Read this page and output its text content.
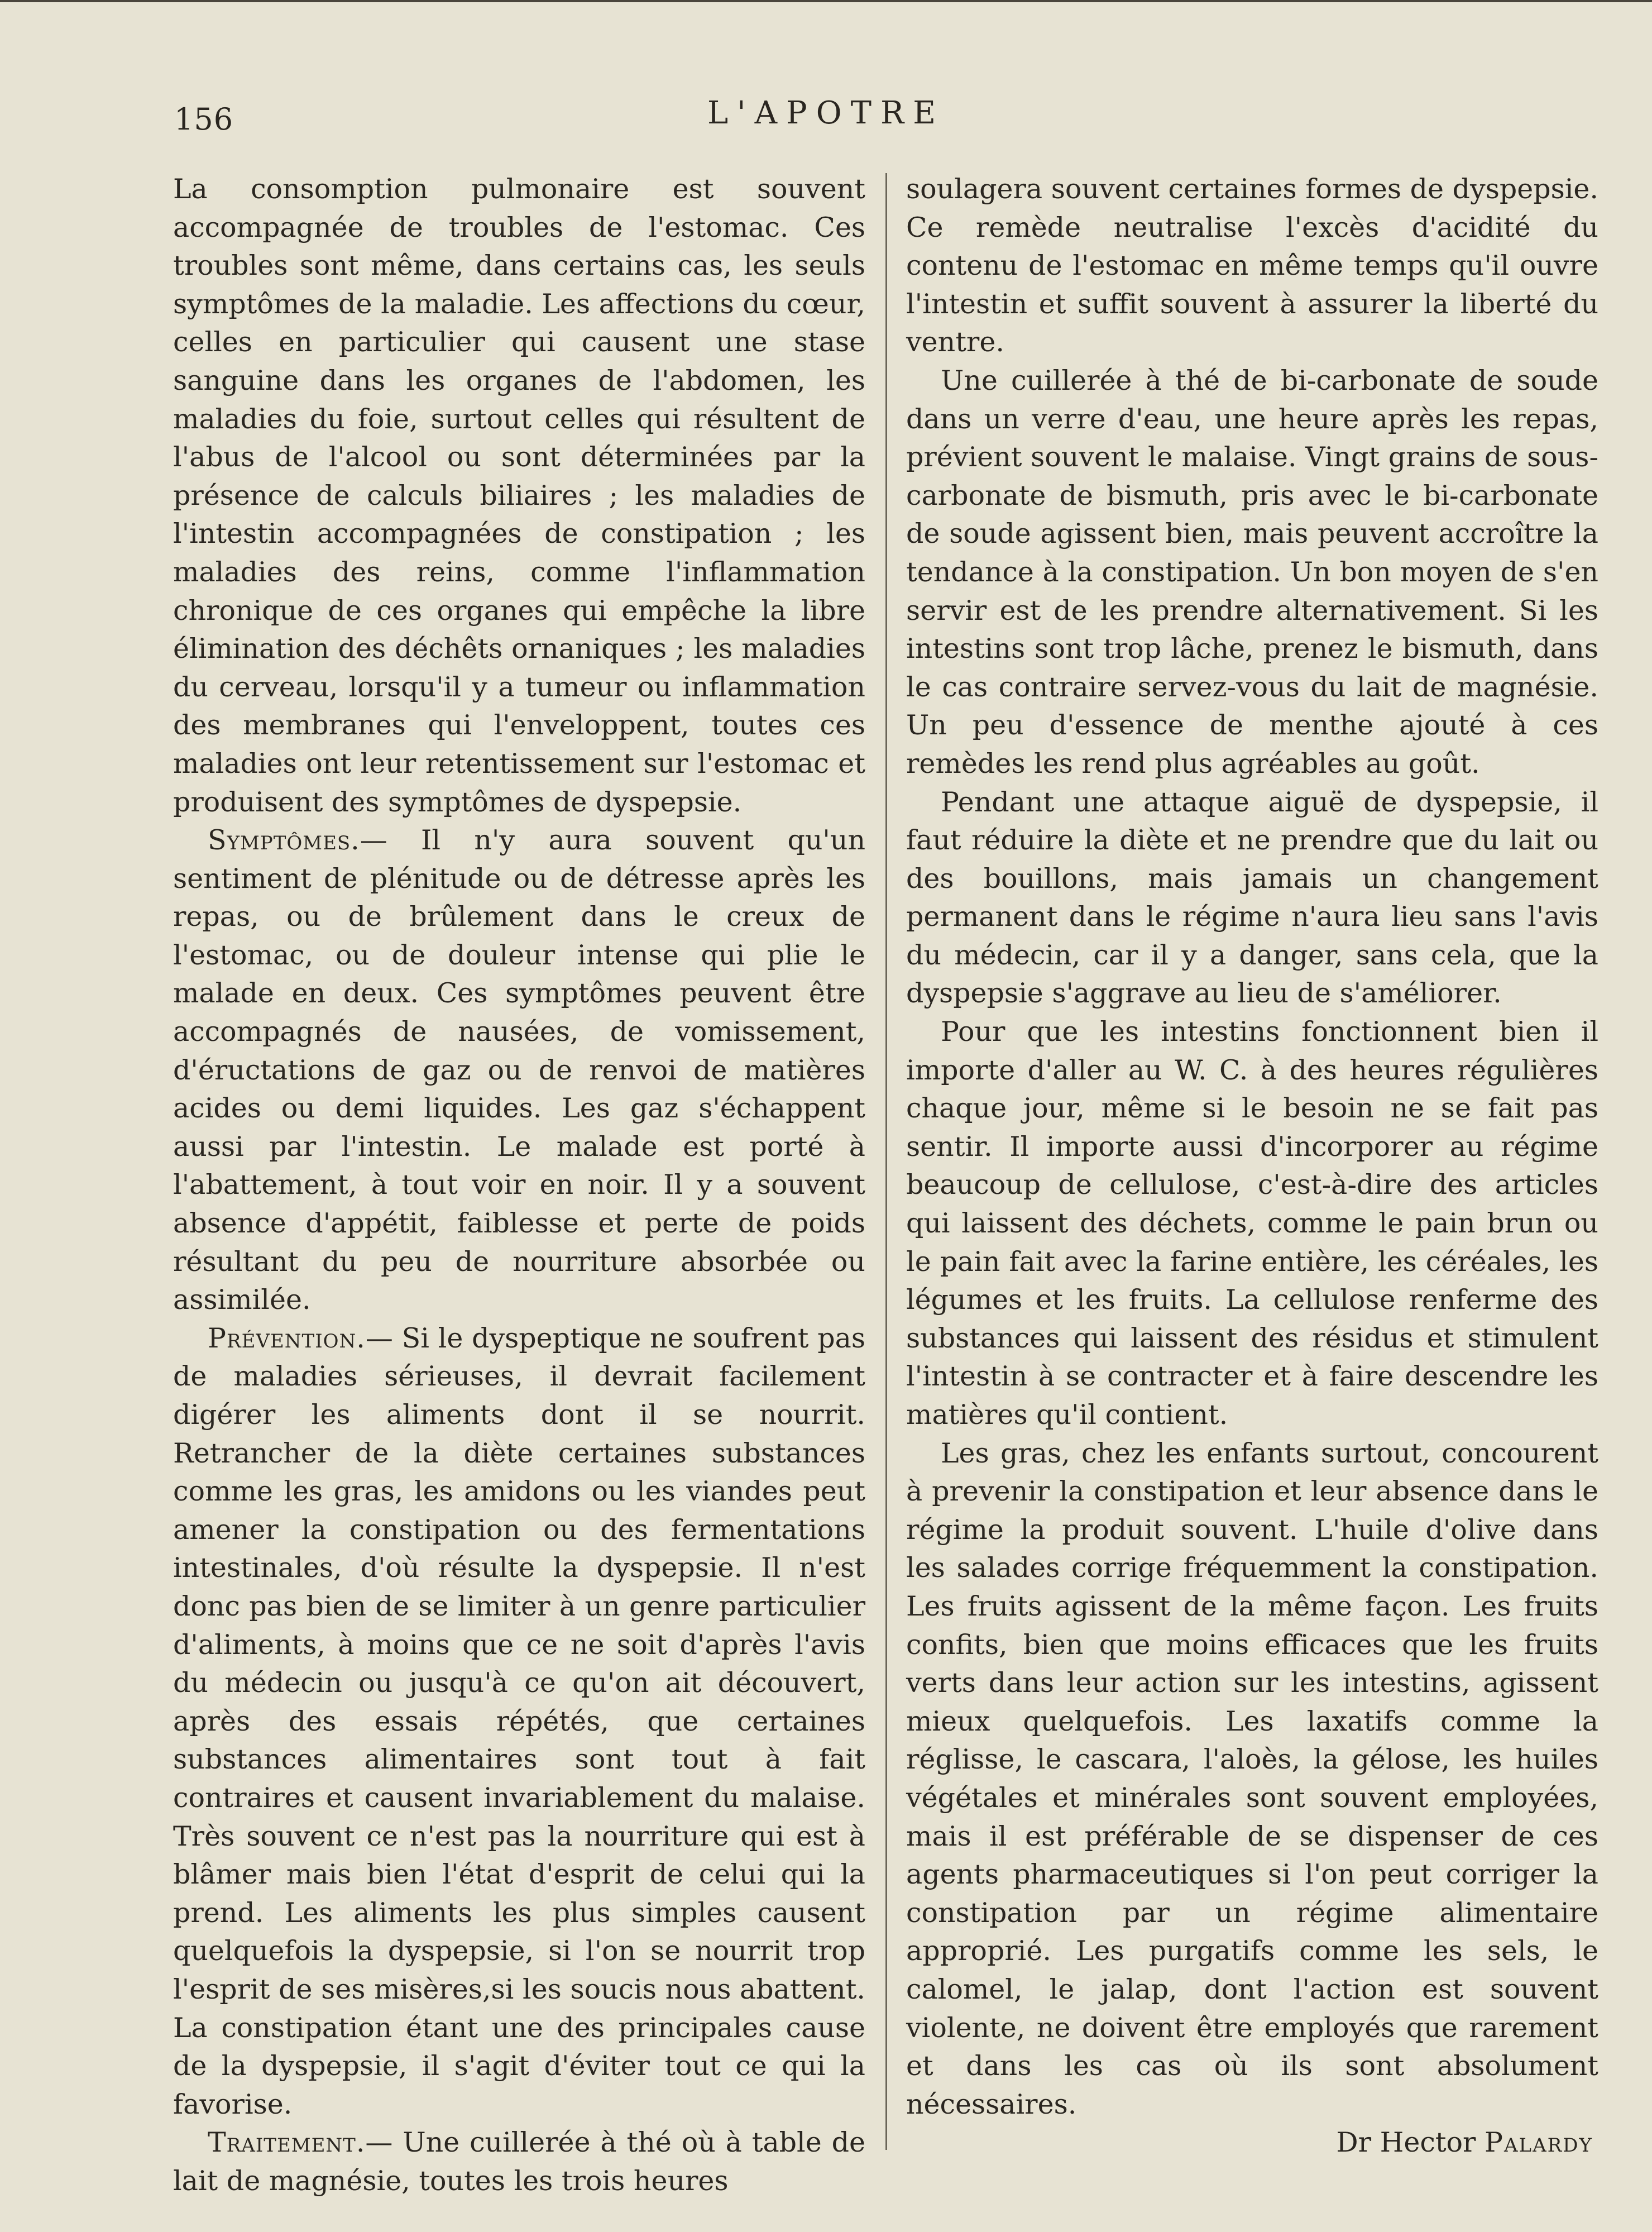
156	L'APOTRE

La consomption pulmonaire est souvent accompagnée de troubles de l'estomac. Ces troubles sont même, dans certains cas, les seuls symptômes de la maladie. Les affections du cœur, celles en particulier qui causent une stase sanguine dans les organes de l'abdomen, les maladies du foie, surtout celles qui résultent de l'abus de l'alcool ou sont déterminées par la présence de calculs biliaires ; les maladies de l'intestin accompagnées de constipation ; les maladies des reins, comme l'inflammation chronique de ces organes qui empêche la libre élimination des déchêts ornaniques ; les maladies du cerveau, lorsqu'il y a tumeur ou inflammation des membranes qui l'enveloppent, toutes ces maladies ont leur retentissement sur l'estomac et produisent des symptômes de dyspepsie.

Symptômes.— Il n'y aura souvent qu'un sentiment de plénitude ou de détresse après les repas, ou de brûlement dans le creux de l'estomac, ou de douleur intense qui plie le malade en deux. Ces symptômes peuvent être accompagnés de nausées, de vomissement, d'éructations de gaz ou de renvoi de matières acides ou demi liquides. Les gaz s'échappent aussi par l'intestin. Le malade est porté à l'abattement, à tout voir en noir. Il y a souvent absence d'appétit, faiblesse et perte de poids résultant du peu de nourriture absorbée ou assimilée.

Prévention.— Si le dyspeptique ne soufrent pas de maladies sérieuses, il devrait facilement digérer les aliments dont il se nourrit. Retrancher de la diète certaines substances comme les gras, les amidons ou les viandes peut amener la constipation ou des fermentations intestinales, d'où résulte la dyspepsie. Il n'est donc pas bien de se limiter à un genre particulier d'aliments, à moins que ce ne soit d'après l'avis du médecin ou jusqu'à ce qu'on ait découvert, après des essais répétés, que certaines substances alimentaires sont tout à fait contraires et causent invariablement du malaise. Très souvent ce n'est pas la nourriture qui est à blâmer mais bien l'état d'esprit de celui qui la prend. Les aliments les plus simples causent quelquefois la dyspepsie, si l'on se nourrit trop l'esprit de ses misères,si les soucis nous abattent. La constipation étant une des principales cause de la dyspepsie, il s'agit d'éviter tout ce qui la favorise.

Traitement.— Une cuillerée à thé où à table de lait de magnésie, toutes les trois heures

soulagera souvent certaines formes de dyspepsie. Ce remède neutralise l'excès d'acidité du contenu de l'estomac en même temps qu'il ouvre l'intestin et suffit souvent à assurer la liberté du ventre.

Une cuillerée à thé de bi-carbonate de soude dans un verre d'eau, une heure après les repas, prévient souvent le malaise. Vingt grains de sous-carbonate de bismuth, pris avec le bi-carbonate de soude agissent bien, mais peuvent accroître la tendance à la constipation. Un bon moyen de s'en servir est de les prendre alternativement. Si les intestins sont trop lâche, prenez le bismuth, dans le cas contraire servez-vous du lait de magnésie. Un peu d'essence de menthe ajouté à ces remèdes les rend plus agréables au goût.

Pendant une attaque aiguë de dyspepsie, il faut réduire la diète et ne prendre que du lait ou des bouillons, mais jamais un changement permanent dans le régime n'aura lieu sans l'avis du médecin, car il y a danger, sans cela, que la dyspepsie s'aggrave au lieu de s'améliorer.

Pour que les intestins fonctionnent bien il importe d'aller au W. C. à des heures régulières chaque jour, même si le besoin ne se fait pas sentir. Il importe aussi d'incorporer au régime beaucoup de cellulose, c'est-à-dire des articles qui laissent des déchets, comme le pain brun ou le pain fait avec la farine entière, les céréales, les légumes et les fruits. La cellulose renferme des substances qui laissent des résidus et stimulent l'intestin à se contracter et à faire descendre les matières qu'il contient.

Les gras, chez les enfants surtout, concourent à prevenir la constipation et leur absence dans le régime la produit souvent. L'huile d'olive dans les salades corrige fréquemment la constipation. Les fruits agissent de la même façon. Les fruits confits, bien que moins efficaces que les fruits verts dans leur action sur les intestins, agissent mieux quelquefois. Les laxatifs comme la réglisse, le cascara, l'aloès, la gélose, les huiles végétales et minérales sont souvent employées, mais il est préférable de se dispenser de ces agents pharmaceutiques si l'on peut corriger la constipation par un régime alimentaire approprié. Les purgatifs comme les sels, le calomel, le jalap, dont l'action est souvent violente, ne doivent être employés que rarement et dans les cas où ils sont absolument nécessaires.

Dr Hector Palardy
